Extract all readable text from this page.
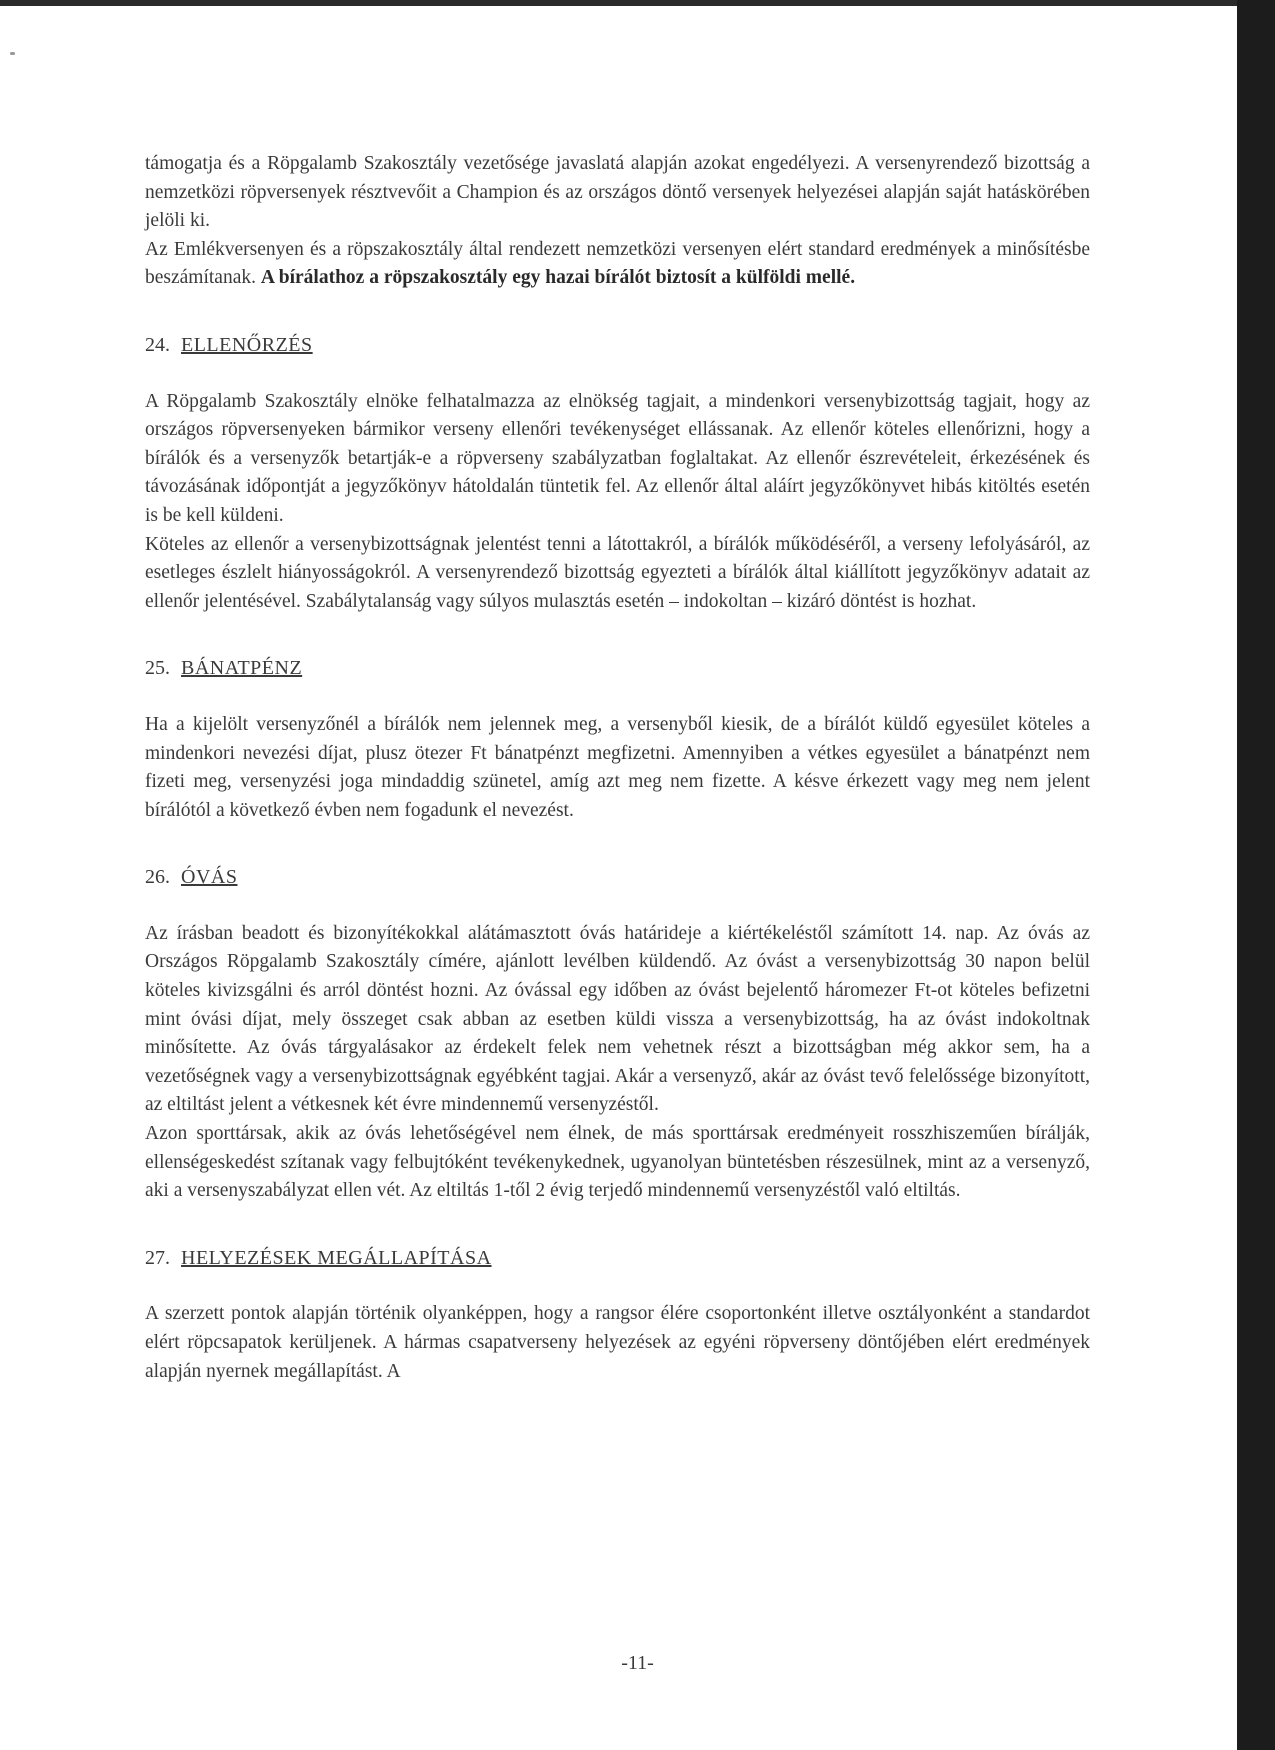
támogatja és a Röpgalamb Szakosztály vezetősége javaslatá alapján azokat engedélyezi. A versenyrendező bizottság a nemzetközi röpversenyek résztvevőit a Champion és az országos döntő versenyek helyezései alapján saját hatáskörében jelöli ki.

Az Emlékversenyen és a röpszakosztály által rendezett nemzetközi versenyen elért standard eredmények a minősítésbe beszámítanak. A bírálathoz a röpszakosztály egy hazai bírálót biztosít a külföldi mellé.

24. ELLENŐRZÉS

A Röpgalamb Szakosztály elnöke felhatalmazza az elnökség tagjait, a mindenkori versenybizottság tagjait, hogy az országos röpversenyeken bármikor verseny ellenőri tevékenységet ellássanak. Az ellenőr köteles ellenőrizni, hogy a bírálók és a versenyzők betartják-e a röpverseny szabályzatban foglaltakat. Az ellenőr észrevételeit, érkezésének és távozásának időpontját a jegyzőkönyv hátoldalán tüntetik fel. Az ellenőr által aláírt jegyzőkönyvet hibás kitöltés esetén is be kell küldeni.

Köteles az ellenőr a versenybizottságnak jelentést tenni a látottakról, a bírálók működéséről, a verseny lefolyásáról, az esetleges észlelt hiányosságokról. A versenyrendező bizottság egyezteti a bírálók által kiállított jegyzőkönyv adatait az ellenőr jelentésével. Szabálytalanság vagy súlyos mulasztás esetén – indokoltan – kizáró döntést is hozhat.

25. BÁNATPÉNZ

Ha a kijelölt versenyzőnél a bírálók nem jelennek meg, a versenyből kiesik, de a bírálót küldő egyesület köteles a mindenkori nevezési díjat, plusz ötezer Ft bánatpénzt megfizetni. Amennyiben a vétkes egyesület a bánatpénzt nem fizeti meg, versenyzési joga mindaddig szünetel, amíg azt meg nem fizette. A késve érkezett vagy meg nem jelent bírálótól a következő évben nem fogadunk el nevezést.

26. ÓVÁS

Az írásban beadott és bizonyítékokkal alátámasztott óvás határideje a kiértékeléstől számított 14. nap. Az óvás az Országos Röpgalamb Szakosztály címére, ajánlott levélben küldendő. Az óvást a versenybizottság 30 napon belül köteles kivizsgálni és arról döntést hozni. Az óvással egy időben az óvást bejelentő háromezer Ft-ot köteles befizetni mint óvási díjat, mely összeget csak abban az esetben küldi vissza a versenybizottság, ha az óvást indokoltnak minősítette. Az óvás tárgyalásakor az érdekelt felek nem vehetnek részt a bizottságban még akkor sem, ha a vezetőségnek vagy a versenybizottságnak egyébként tagjai. Akár a versenyző, akár az óvást tevő felelőssége bizonyított, az eltiltást jelent a vétkesnek két évre mindennemű versenyzéstől.

Azon sporttársak, akik az óvás lehetőségével nem élnek, de más sporttársak eredményeit rosszhiszeműen bírálják, ellenségeskedést szítanak vagy felbujtóként tevékenykednek, ugyanolyan büntetésben részesülnek, mint az a versenyző, aki a versenyszabályzat ellen vét. Az eltiltás 1-től 2 évig terjedő mindennemű versenyzéstől való eltiltás.

27. HELYEZÉSEK MEGÁLLAPÍTÁSA

A szerzett pontok alapján történik olyanképpen, hogy a rangsor élére csoportonként illetve osztályonként a standardot elért röpcsapatok kerüljenek. A hármas csapatverseny helyezések az egyéni röpverseny döntőjében elért eredmények alapján nyernek megállapítást. A

-11-
